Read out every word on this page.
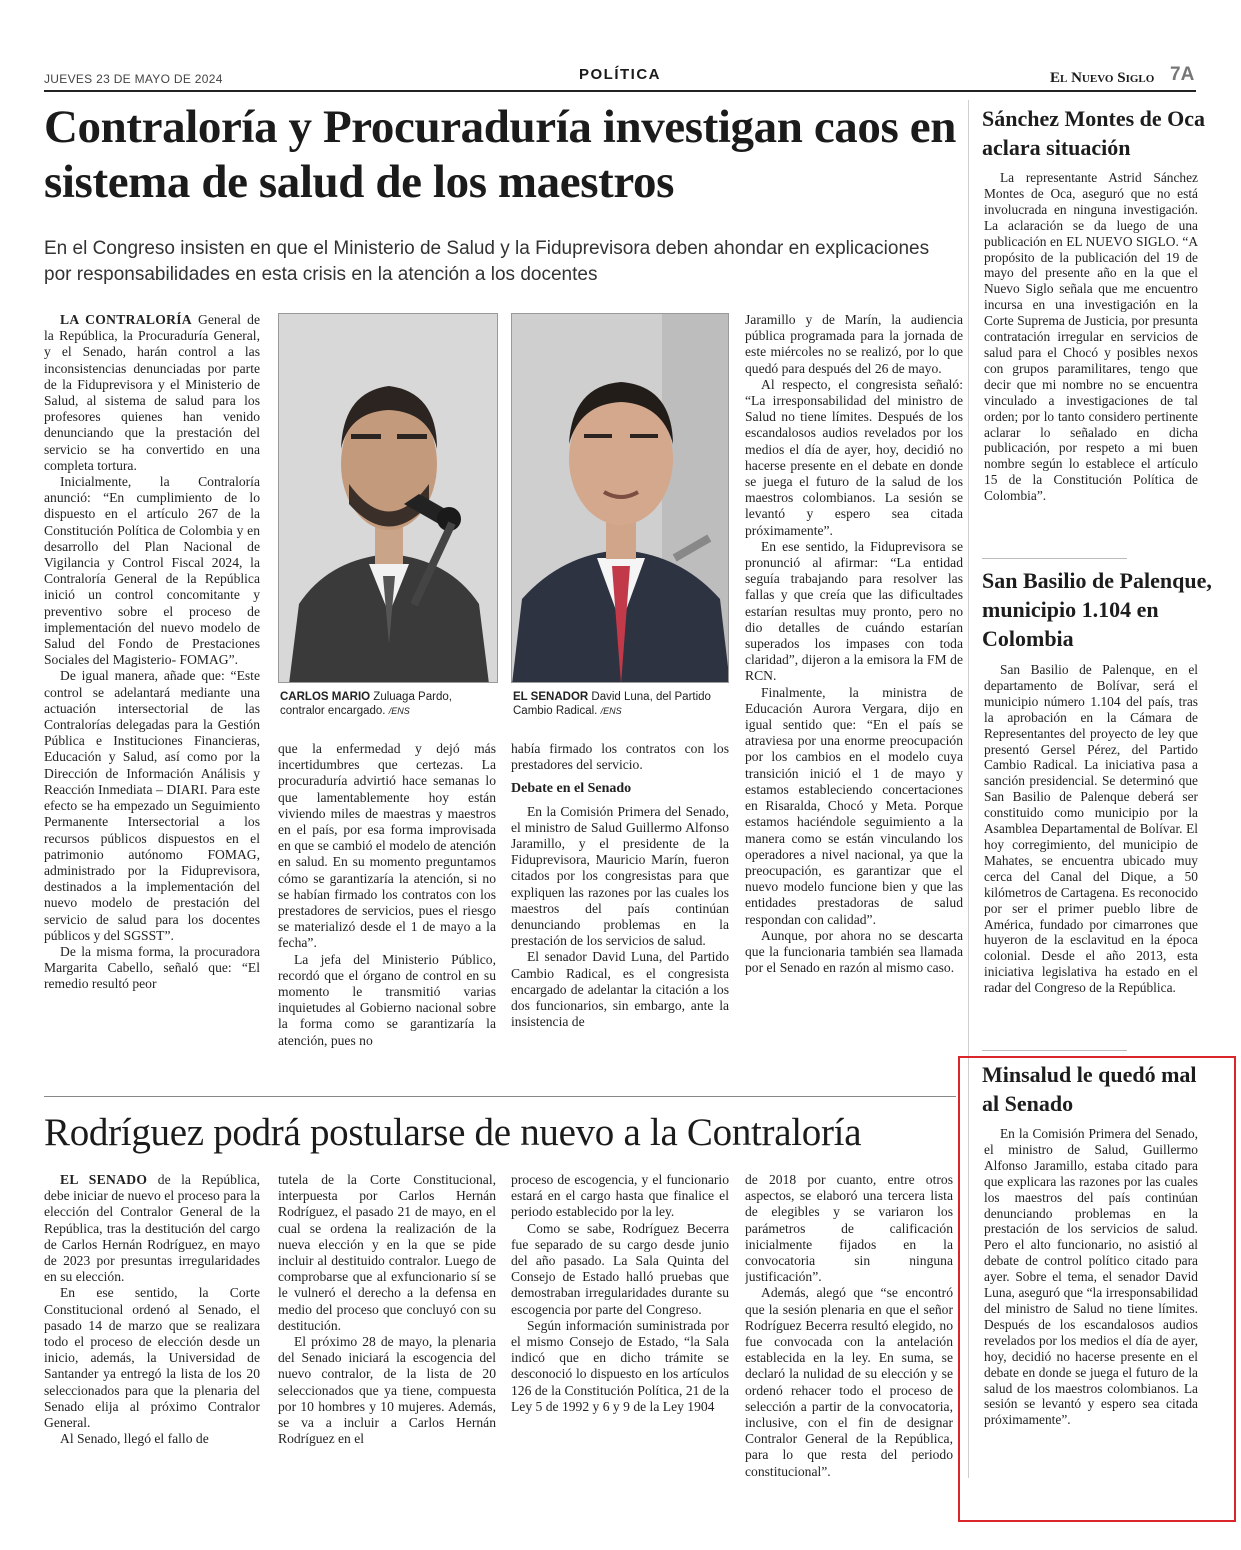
JUEVES 23 DE MAYO DE 2024	POLÍTICA	El Nuevo Siglo 7A
Contraloría y Procuraduría investigan caos en sistema de salud de los maestros
En el Congreso insisten en que el Ministerio de Salud y la Fiduprevisora deben ahondar en explicaciones por responsabilidades en esta crisis en la atención a los docentes

LA CONTRALORÍA General de la República, la Procuraduría General, y el Senado, harán control a las inconsistencias denunciadas por parte de la Fiduprevisora y el Ministerio de Salud, al sistema de salud para los profesores quienes han venido denunciando que la prestación del servicio se ha convertido en una completa tortura.

Inicialmente, la Contraloría anunció: “En cumplimiento de lo dispuesto en el artículo 267 de la Constitución Política de Colombia y en desarrollo del Plan Nacional de Vigilancia y Control Fiscal 2024, la Contraloría General de la República inició un control concomitante y preventivo sobre el proceso de implementación del nuevo modelo de Salud del Fondo de Prestaciones Sociales del Magisterio- FOMAG”.

De igual manera, añade que: “Este control se adelantará mediante una actuación intersectorial de las Contralorías delegadas para la Gestión Pública e Instituciones Financieras, Educación y Salud, así como por la Dirección de Información Análisis y Reacción Inmediata – DIARI. Para este efecto se ha empezado un Seguimiento Permanente Intersectorial a los recursos públicos dispuestos en el patrimonio autónomo FOMAG, administrado por la Fiduprevisora, destinados a la implementación del nuevo modelo de prestación del servicio de salud para los docentes públicos y del SGSST”.

De la misma forma, la procuradora Margarita Cabello, señaló que: “El remedio resultó peor

CARLOS MARIO Zuluaga Pardo, contralor encargado. /ENS
EL SENADOR David Luna, del Partido Cambio Radical. /ENS

que la enfermedad y dejó más incertidumbres que certezas. La procuraduría advirtió hace semanas lo que lamentablemente hoy están viviendo miles de maestras y maestros en el país, por esa forma improvisada en que se cambió el modelo de atención en salud. En su momento preguntamos cómo se garantizaría la atención, si no se habían firmado los contratos con los prestadores de servicios, pues el riesgo se materializó desde el 1 de mayo a la fecha”.

La jefa del Ministerio Público, recordó que el órgano de control en su momento le transmitió varias inquietudes al Gobierno nacional sobre la forma como se garantizaría la atención, pues no

había firmado los contratos con los prestadores del servicio.

Debate en el Senado

En la Comisión Primera del Senado, el ministro de Salud Guillermo Alfonso Jaramillo, y el presidente de la Fiduprevisora, Mauricio Marín, fueron citados por los congresistas para que expliquen las razones por las cuales los maestros del país continúan denunciando problemas en la prestación de los servicios de salud.

El senador David Luna, del Partido Cambio Radical, es el congresista encargado de adelantar la citación a los dos funcionarios, sin embargo, ante la insistencia de

Jaramillo y de Marín, la audiencia pública programada para la jornada de este miércoles no se realizó, por lo que quedó para después del 26 de mayo.

Al respecto, el congresista señaló: “La irresponsabilidad del ministro de Salud no tiene límites. Después de los escandalosos audios revelados por los medios el día de ayer, hoy, decidió no hacerse presente en el debate en donde se juega el futuro de la salud de los maestros colombianos. La sesión se levantó y espero sea citada próximamente”.

En ese sentido, la Fiduprevisora se pronunció al afirmar: “La entidad seguía trabajando para resolver las fallas y que creía que las dificultades estarían resultas muy pronto, pero no dio detalles de cuándo estarían superados los impases con toda claridad”, dijeron a la emisora la FM de RCN.

Finalmente, la ministra de Educación Aurora Vergara, dijo en igual sentido que: “En el país se atraviesa por una enorme preocupación por los cambios en el modelo cuya transición inició el 1 de mayo y estamos estableciendo concertaciones en Risaralda, Chocó y Meta. Porque estamos haciéndole seguimiento a la manera como se están vinculando los operadores a nivel nacional, ya que la preocupación, es garantizar que el nuevo modelo funcione bien y que las entidades prestadoras de salud respondan con calidad”.

Aunque, por ahora no se descarta que la funcionaria también sea llamada por el Senado en razón al mismo caso.

Sánchez Montes de Oca aclara situación
La representante Astrid Sánchez Montes de Oca, aseguró que no está involucrada en ninguna investigación. La aclaración se da luego de una publicación en EL NUEVO SIGLO. “A propósito de la publicación del 19 de mayo del presente año en la que el Nuevo Siglo señala que me encuentro incursa en una investigación en la Corte Suprema de Justicia, por presunta contratación irregular en servicios de salud para el Chocó y posibles nexos con grupos paramilitares, tengo que decir que mi nombre no se encuentra vinculado a investigaciones de tal orden; por lo tanto considero pertinente aclarar lo señalado en dicha publicación, por respeto a mi buen nombre según lo establece el artículo 15 de la Constitución Política de Colombia”.
San Basilio de Palenque, municipio 1.104 en Colombia
San Basilio de Palenque, en el departamento de Bolívar, será el municipio número 1.104 del país, tras la aprobación en la Cámara de Representantes del proyecto de ley que presentó Gersel Pérez, del Partido Cambio Radical. La iniciativa pasa a sanción presidencial. Se determinó que San Basilio de Palenque deberá ser constituido como municipio por la Asamblea Departamental de Bolívar. El hoy corregimiento, del municipio de Mahates, se encuentra ubicado muy cerca del Canal del Dique, a 50 kilómetros de Cartagena. Es reconocido por ser el primer pueblo libre de América, fundado por cimarrones que huyeron de la esclavitud en la época colonial. Desde el año 2013, esta iniciativa legislativa ha estado en el radar del Congreso de la República.
Minsalud le quedó mal al Senado
En la Comisión Primera del Senado, el ministro de Salud, Guillermo Alfonso Jaramillo, estaba citado para que explicara las razones por las cuales los maestros del país continúan denunciando problemas en la prestación de los servicios de salud. Pero el alto funcionario, no asistió al debate de control político citado para ayer. Sobre el tema, el senador David Luna, aseguró que “la irresponsabilidad del ministro de Salud no tiene límites. Después de los escandalosos audios revelados por los medios el día de ayer, hoy, decidió no hacerse presente en el debate en donde se juega el futuro de la salud de los maestros colombianos. La sesión se levantó y espero sea citada próximamente”.
Rodríguez podrá postularse de nuevo a la Contraloría

EL SENADO de la República, debe iniciar de nuevo el proceso para la elección del Contralor General de la República, tras la destitución del cargo de Carlos Hernán Rodríguez, en mayo de 2023 por presuntas irregularidades en su elección.

En ese sentido, la Corte Constitucional ordenó al Senado, el pasado 14 de marzo que se realizara todo el proceso de elección desde un inicio, además, la Universidad de Santander ya entregó la lista de los 20 seleccionados para que la plenaria del Senado elija al próximo Contralor General.

Al Senado, llegó el fallo de

tutela de la Corte Constitucional, interpuesta por Carlos Hernán Rodríguez, el pasado 21 de mayo, en el cual se ordena la realización de la nueva elección y en la que se pide incluir al destituido contralor. Luego de comprobarse que al exfuncionario sí se le vulneró el derecho a la defensa en medio del proceso que concluyó con su destitución.

El próximo 28 de mayo, la plenaria del Senado iniciará la escogencia del nuevo contralor, de la lista de 20 seleccionados que ya tiene, compuesta por 10 hombres y 10 mujeres. Además, se va a incluir a Carlos Hernán Rodríguez en el

proceso de escogencia, y el funcionario estará en el cargo hasta que finalice el periodo establecido por la ley.

Como se sabe, Rodríguez Becerra fue separado de su cargo desde junio del año pasado. La Sala Quinta del Consejo de Estado halló pruebas que demostraban irregularidades durante su escogencia por parte del Congreso.

Según información suministrada por el mismo Consejo de Estado, “la Sala indicó que en dicho trámite se desconoció lo dispuesto en los artículos 126 de la Constitución Política, 21 de la Ley 5 de 1992 y 6 y 9 de la Ley 1904

de 2018 por cuanto, entre otros aspectos, se elaboró una tercera lista de elegibles y se variaron los parámetros de calificación inicialmente fijados en la convocatoria sin ninguna justificación”.

Además, alegó que “se encontró que la sesión plenaria en que el señor Rodríguez Becerra resultó elegido, no fue convocada con la antelación establecida en la ley. En suma, se declaró la nulidad de su elección y se ordenó rehacer todo el proceso de selección a partir de la convocatoria, inclusive, con el fin de designar Contralor General de la República, para lo que resta del periodo constitucional”.
